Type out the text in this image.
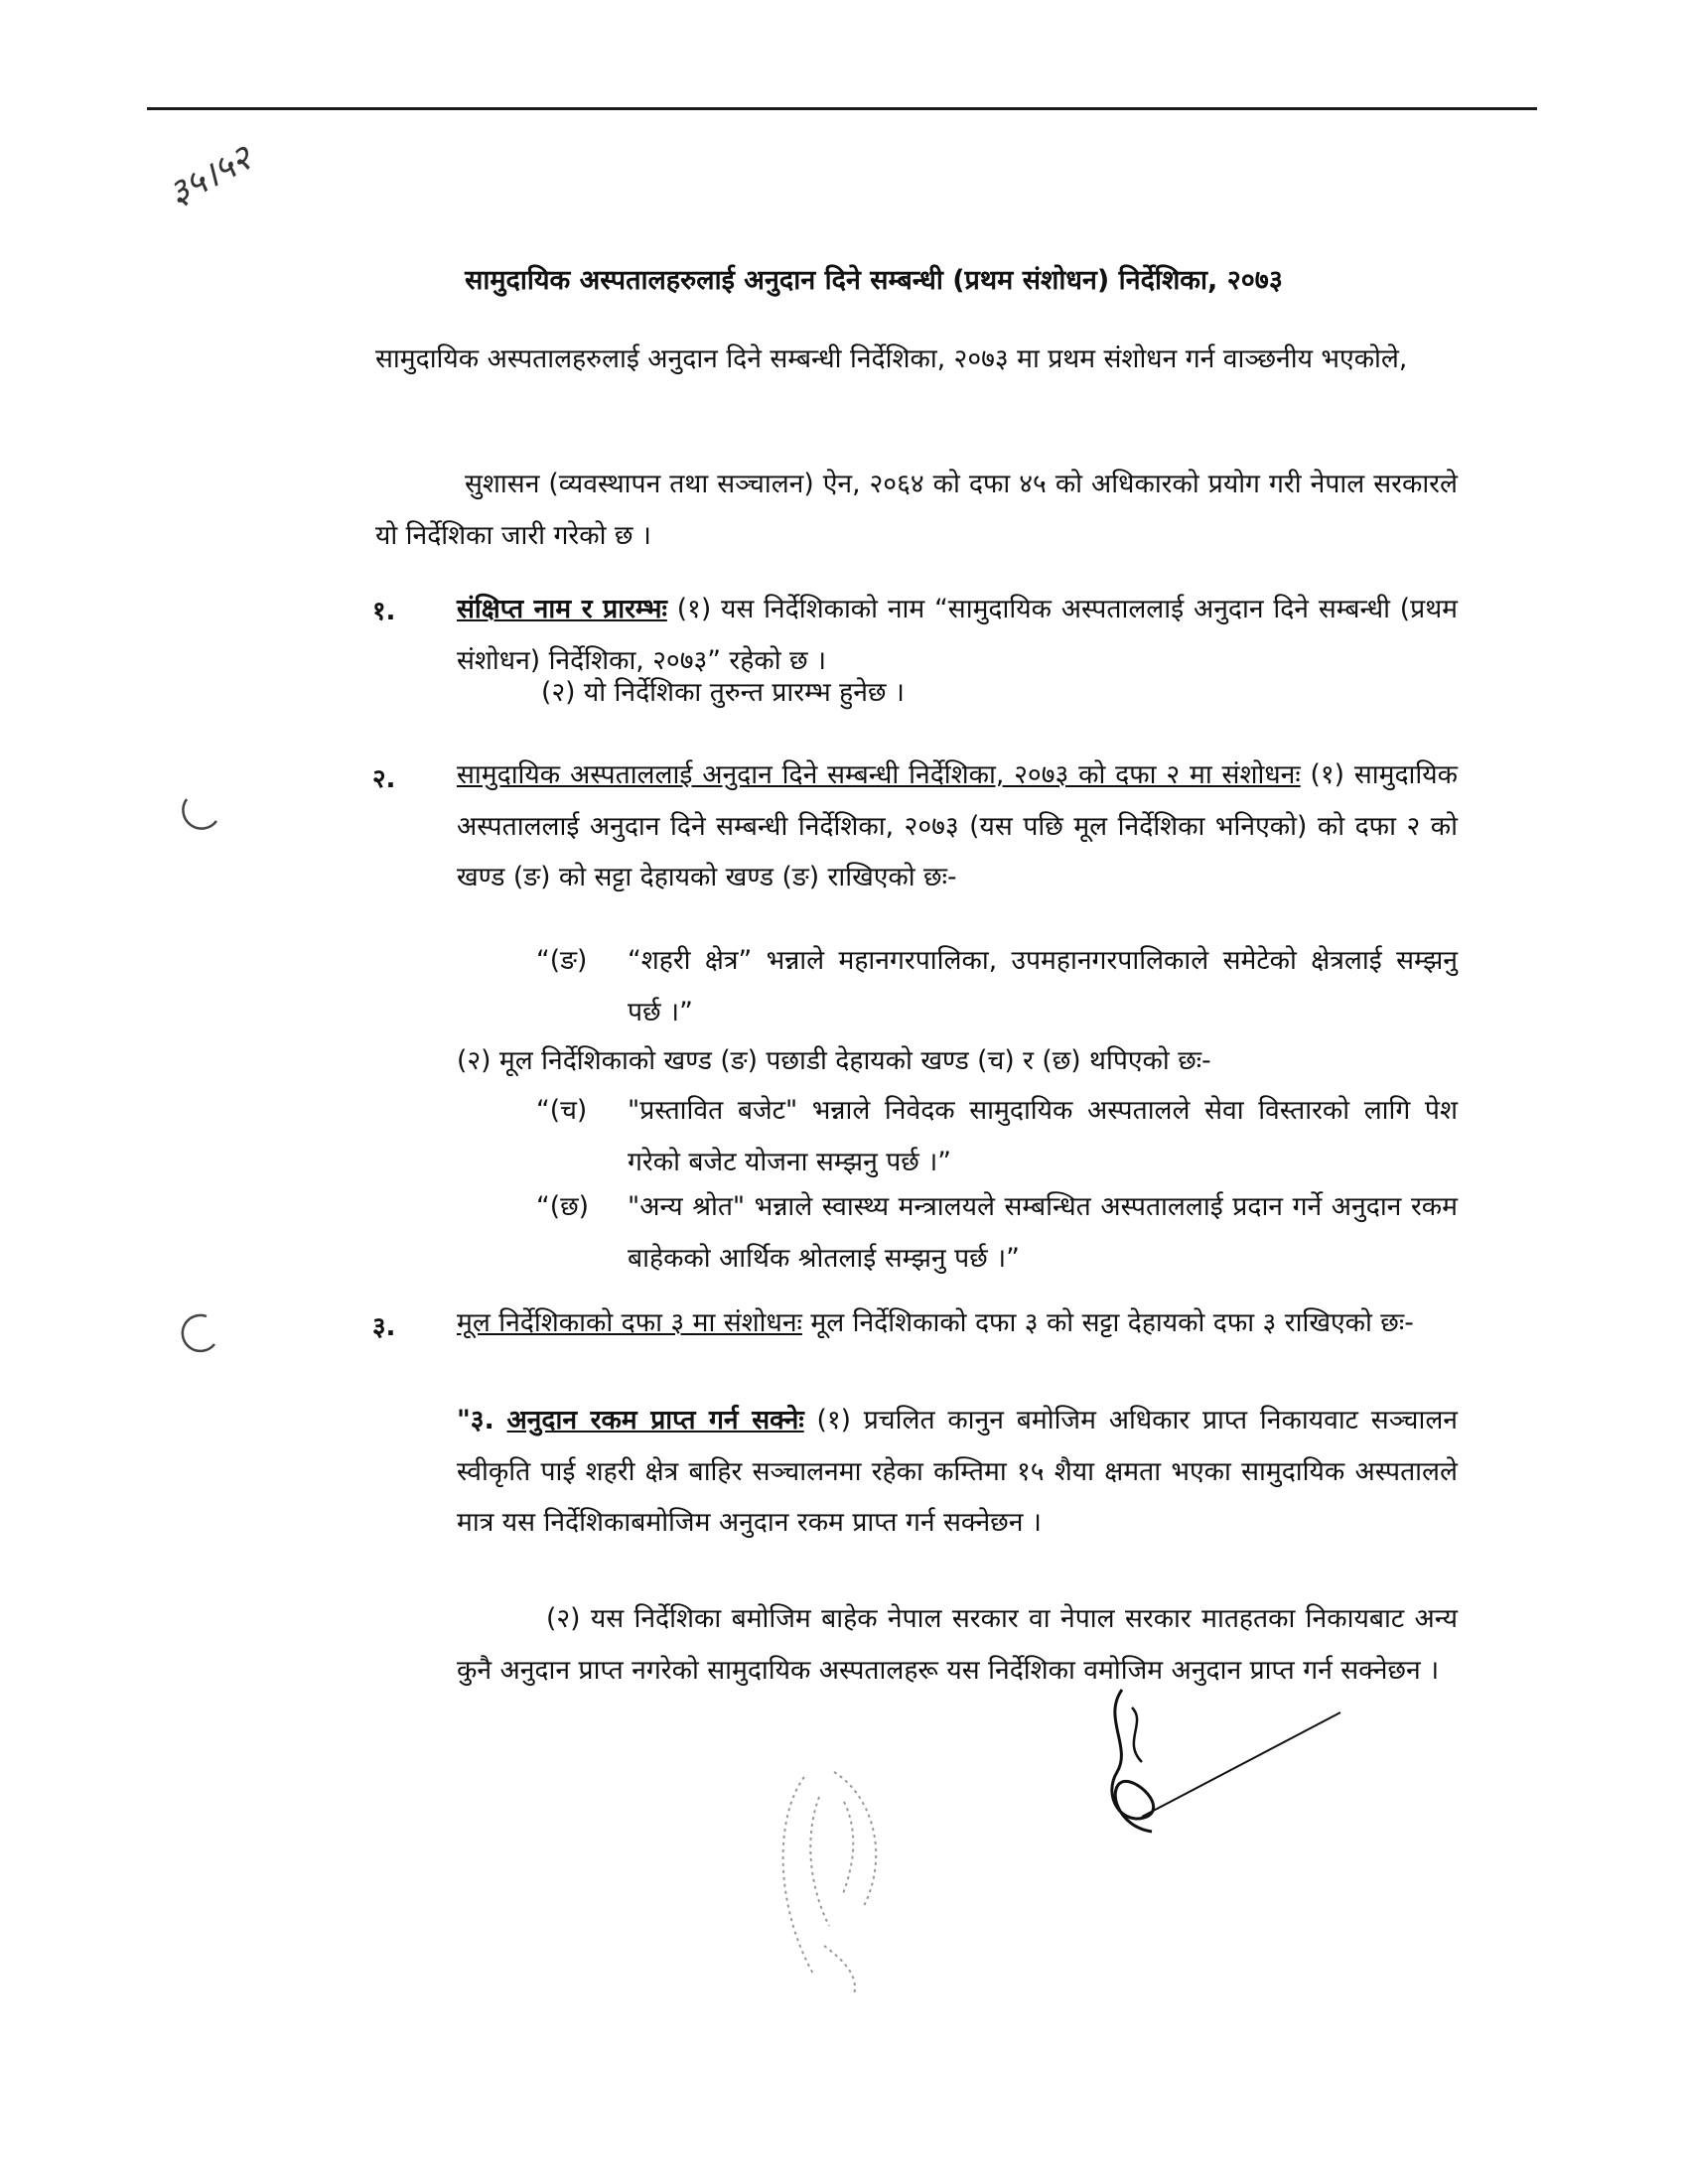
३५।५२
सामुदायिक अस्पतालहरुलाई अनुदान दिने सम्बन्धी (प्रथम संशोधन) निर्देशिका, २०७३
सामुदायिक अस्पतालहरुलाई अनुदान दिने सम्बन्धी निर्देशिका, २०७३ मा प्रथम संशोधन गर्न वाञ्छनीय भएकोले,
सुशासन (व्यवस्थापन तथा सञ्चालन) ऐन, २०६४ को दफा ४५ को अधिकारको प्रयोग गरी नेपाल सरकारले यो निर्देशिका जारी गरेको छ ।
१. संक्षिप्त नाम र प्रारम्भः (१) यस निर्देशिकाको नाम “सामुदायिक अस्पताललाई अनुदान दिने सम्बन्धी (प्रथम संशोधन) निर्देशिका, २०७३” रहेको छ ।
(२) यो निर्देशिका तुरुन्त प्रारम्भ हुनेछ ।
२. सामुदायिक अस्पताललाई अनुदान दिने सम्बन्धी निर्देशिका, २०७३ को दफा २ मा संशोधनः (१) सामुदायिक अस्पताललाई अनुदान दिने सम्बन्धी निर्देशिका, २०७३ (यस पछि मूल निर्देशिका भनिएको) को दफा २ को खण्ड (ङ) को सट्टा देहायको खण्ड (ङ) राखिएको छः-
“(ङ)	“शहरी क्षेत्र” भन्नाले महानगरपालिका, उपमहानगरपालिकाले समेटेको क्षेत्रलाई सम्झनु पर्छ ।”
(२) मूल निर्देशिकाको खण्ड (ङ) पछाडी देहायको खण्ड (च) र (छ) थपिएको छः-
“(च)	"प्रस्तावित बजेट" भन्नाले निवेदक सामुदायिक अस्पतालले सेवा विस्तारको लागि पेश गरेको बजेट योजना सम्झनु पर्छ ।”
“(छ)	"अन्य श्रोत" भन्नाले स्वास्थ्य मन्त्रालयले सम्बन्धित अस्पताललाई प्रदान गर्ने अनुदान रकम बाहेकको आर्थिक श्रोतलाई सम्झनु पर्छ ।”
३. मूल निर्देशिकाको दफा ३ मा संशोधनः मूल निर्देशिकाको दफा ३ को सट्टा देहायको दफा ३ राखिएको छः-
"३. अनुदान रकम प्राप्त गर्न सक्नेः (१) प्रचलित कानुन बमोजिम अधिकार प्राप्त निकायवाट सञ्चालन स्वीकृति पाई शहरी क्षेत्र बाहिर सञ्चालनमा रहेका कम्तिमा १५ शैया क्षमता भएका सामुदायिक अस्पतालले मात्र यस निर्देशिकाबमोजिम अनुदान रकम प्राप्त गर्न सक्नेछन ।
(२) यस निर्देशिका बमोजिम बाहेक नेपाल सरकार वा नेपाल सरकार मातहतका निकायबाट अन्य कुनै अनुदान प्राप्त नगरेको सामुदायिक अस्पतालहरू यस निर्देशिका वमोजिम अनुदान प्राप्त गर्न सक्नेछन ।
